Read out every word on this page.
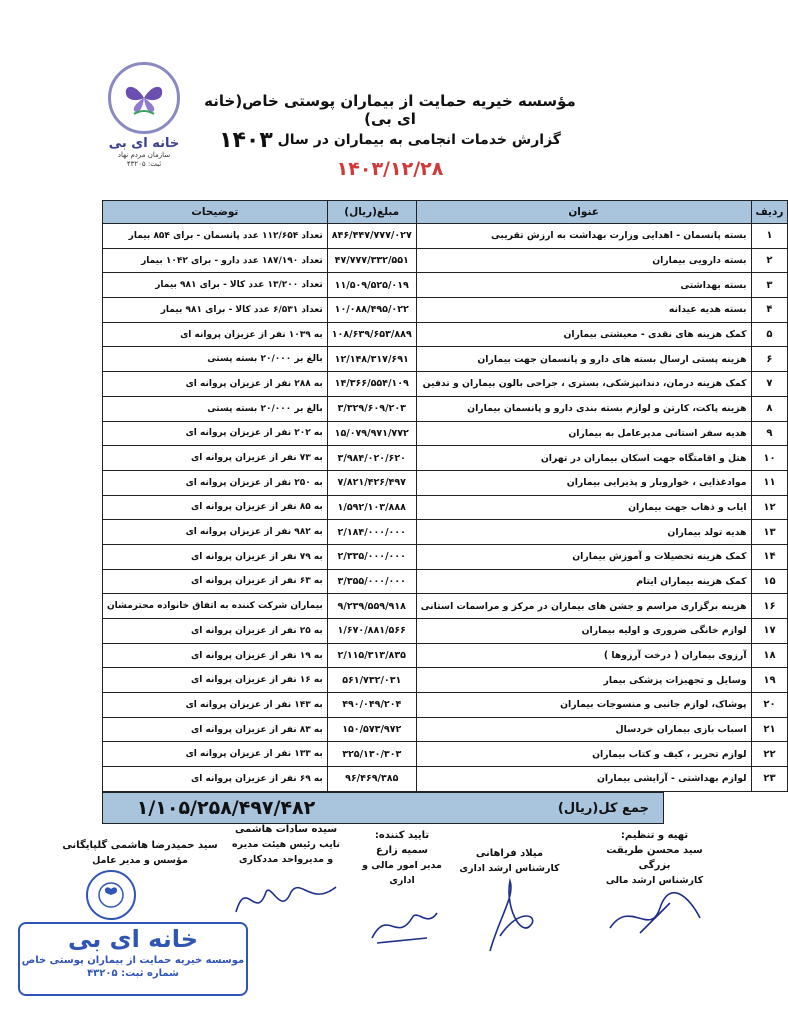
خانه ای بی
سازمان مردم نهاد
ثبت: ۴۳۲۰۵
مؤسسه خیریه حمایت از بیماران پوستی خاص(خانه ای بی)
گزارش خدمات انجامی به بیماران در سال ۱۴۰۳
۱۴۰۳/۱۲/۲۸
ردیف	عنوان	مبلغ(ریال)	توضیحات
۱	بسته پانسمان - اهدایی وزارت بهداشت به ارزش تقریبی	۸۴۶/۴۴۷/۷۷۷/۰۲۷	تعداد ۱۱۲/۶۵۴ عدد پانسمان - برای ۸۵۴ بیمار
۲	بسته دارویی بیماران	۴۷/۷۷۷/۳۳۲/۵۵۱	تعداد ۱۸۷/۱۹۰ عدد دارو - برای ۱۰۴۲ بیمار
۳	بسته بهداشتی	۱۱/۵۰۹/۵۲۵/۰۱۹	تعداد ۱۳/۲۰۰ عدد کالا - برای ۹۸۱ بیمار
۴	بسته هدیه عیدانه	۱۰/۰۸۸/۴۹۵/۰۲۲	تعداد ۶/۵۳۱ عدد کالا - برای ۹۸۱ بیمار
۵	کمک هزینه های نقدی - معیشتی بیماران	۱۰۸/۶۳۹/۶۵۳/۸۸۹	به ۱۰۳۹ نفر از عزیزان پروانه ای
۶	هزینه پستی ارسال بسته های دارو و پانسمان جهت بیماران	۱۲/۱۴۸/۳۱۷/۶۹۱	بالغ بر ۲۰/۰۰۰ بسته پستی
۷	کمک هزینه درمان، دندانپزشکی، بستری ، جراحی بالون بیماران و تدفین	۱۴/۳۶۶/۵۵۴/۱۰۹	به ۲۸۸ نفر از عزیزان پروانه ای
۸	هزینه پاکت، کارتن و لوازم بسته بندی دارو و پانسمان بیماران	۳/۳۲۹/۶۰۹/۲۰۳	بالغ بر ۲۰/۰۰۰ بسته پستی
۹	هدیه سفر استانی مدیرعامل به بیماران	۱۵/۰۷۹/۹۷۱/۷۷۲	به ۲۰۲ نفر از عزیزان پروانه ای
۱۰	هتل و اقامتگاه جهت اسکان بیماران در تهران	۳/۹۸۴/۰۲۰/۶۲۰	به ۷۳ نفر از عزیزان پروانه ای
۱۱	موادغذایی ، خواروبار و پذیرایی بیماران	۷/۸۲۱/۴۲۶/۴۹۷	به ۲۵۰ نفر از عزیزان پروانه ای
۱۲	ایاب و ذهاب جهت بیماران	۱/۵۹۲/۱۰۳/۸۸۸	به ۸۵ نفر از عزیزان پروانه ای
۱۳	هدیه تولد بیماران	۲/۱۸۴/۰۰۰/۰۰۰	به ۹۸۲ نفر از عزیزان پروانه ای
۱۴	کمک هزینه تحصیلات و آموزش بیماران	۲/۳۳۵/۰۰۰/۰۰۰	به ۷۹ نفر از عزیزان پروانه ای
۱۵	کمک هزینه بیماران ایتام	۳/۳۵۵/۰۰۰/۰۰۰	به ۶۳ نفر از عزیزان پروانه ای
۱۶	هزینه برگزاری مراسم و جشن های بیماران در مرکز و مراسمات استانی	۹/۲۳۹/۵۵۹/۹۱۸	بیماران شرکت کننده به اتفاق خانواده محترمشان
۱۷	لوازم خانگی ضروری و اولیه بیماران	۱/۶۷۰/۸۸۱/۵۶۶	به ۲۵ نفر از عزیزان پروانه ای
۱۸	آرزوی بیماران ( درخت آرزوها )	۲/۱۱۵/۳۱۳/۸۳۵	به ۱۹ نفر از عزیزان پروانه ای
۱۹	وسایل و تجهیزات پزشکی بیمار	۵۶۱/۷۳۲/۰۳۱	به ۱۶ نفر از عزیزان پروانه ای
۲۰	پوشاک، لوازم جانبی و منسوجات بیماران	۴۹۰/۰۴۹/۲۰۴	به ۱۴۳ نفر از عزیزان پروانه ای
۲۱	اسباب بازی بیماران خردسال	۱۵۰/۵۷۳/۹۷۲	به ۸۳ نفر از عزیزان پروانه ای
۲۲	لوازم تحریر ، کیف و کتاب بیماران	۳۲۵/۱۳۰/۳۰۳	به ۱۳۳ نفر از عزیزان پروانه ای
۲۳	لوازم بهداشتی - آرایشی بیماران	۹۶/۴۶۹/۳۸۵	به ۶۹ نفر از عزیزان پروانه ای
جمع کل(ریال)
۱/۱۰۵/۲۵۸/۴۹۷/۴۸۲
تهیه و تنظیم:
سید محسن طریقت بزرگی
کارشناس ارشد مالی
میلاد فراهانی
کارشناس ارشد اداری
تایید کننده:
سمیه زارع
مدیر امور مالی و اداری
سیده سادات هاشمی
نایب رئیس هیئت مدیره
و مدیرواحد مددکاری
سید حمیدرضا هاشمی گلپایگانی
مؤسس و مدیر عامل
خانه ای بی
موسسه خیریه حمایت از بیماران پوستی خاص
شماره ثبت: ۴۳۲۰۵
